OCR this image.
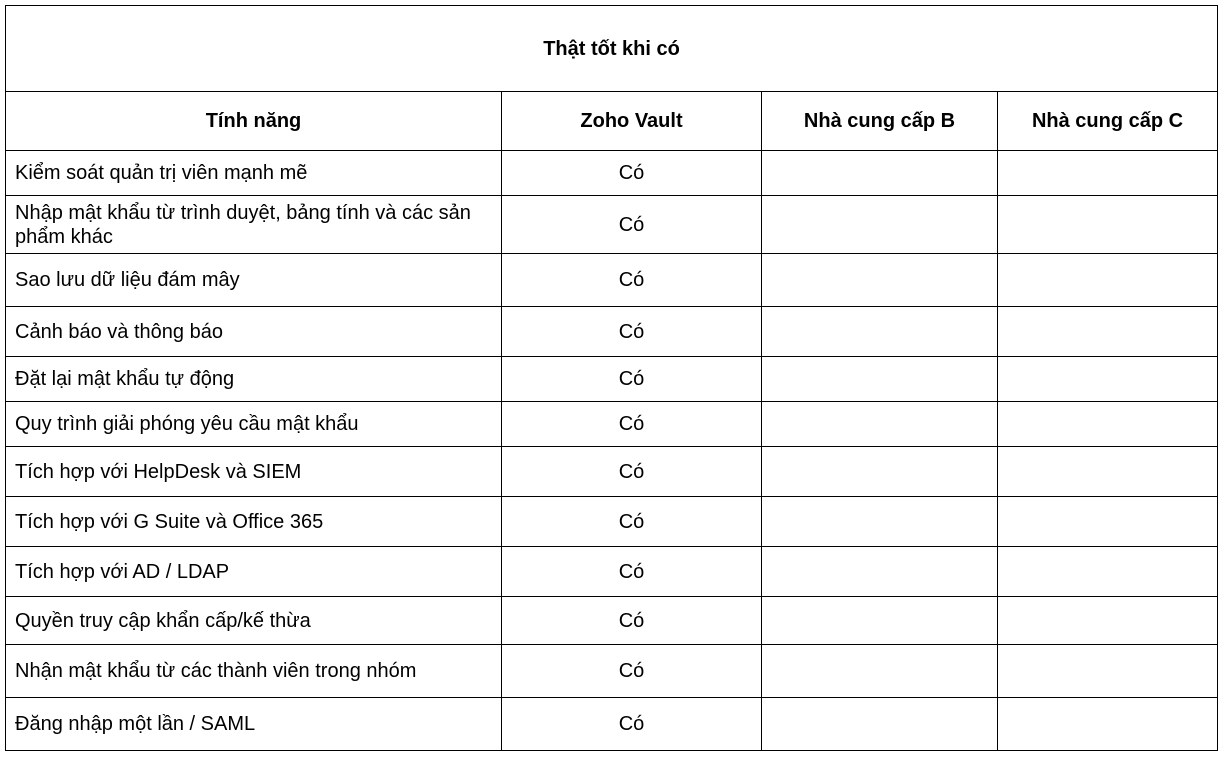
Thật tốt khi có			
Tính năng	Zoho Vault	Nhà cung cấp B	Nhà cung cấp C
Kiểm soát quản trị viên mạnh mẽ	Có		
Nhập mật khẩu từ trình duyệt, bảng tính và các sản phẩm khác	Có		
Sao lưu dữ liệu đám mây	Có		
Cảnh báo và thông báo	Có		
Đặt lại mật khẩu tự động	Có		
Quy trình giải phóng yêu cầu mật khẩu	Có		
Tích hợp với HelpDesk và SIEM	Có		
Tích hợp với G Suite và Office 365	Có		
Tích hợp với AD / LDAP	Có		
Quyền truy cập khẩn cấp/kế thừa	Có		
Nhận mật khẩu từ các thành viên trong nhóm	Có		
Đăng nhập một lần / SAML	Có		
